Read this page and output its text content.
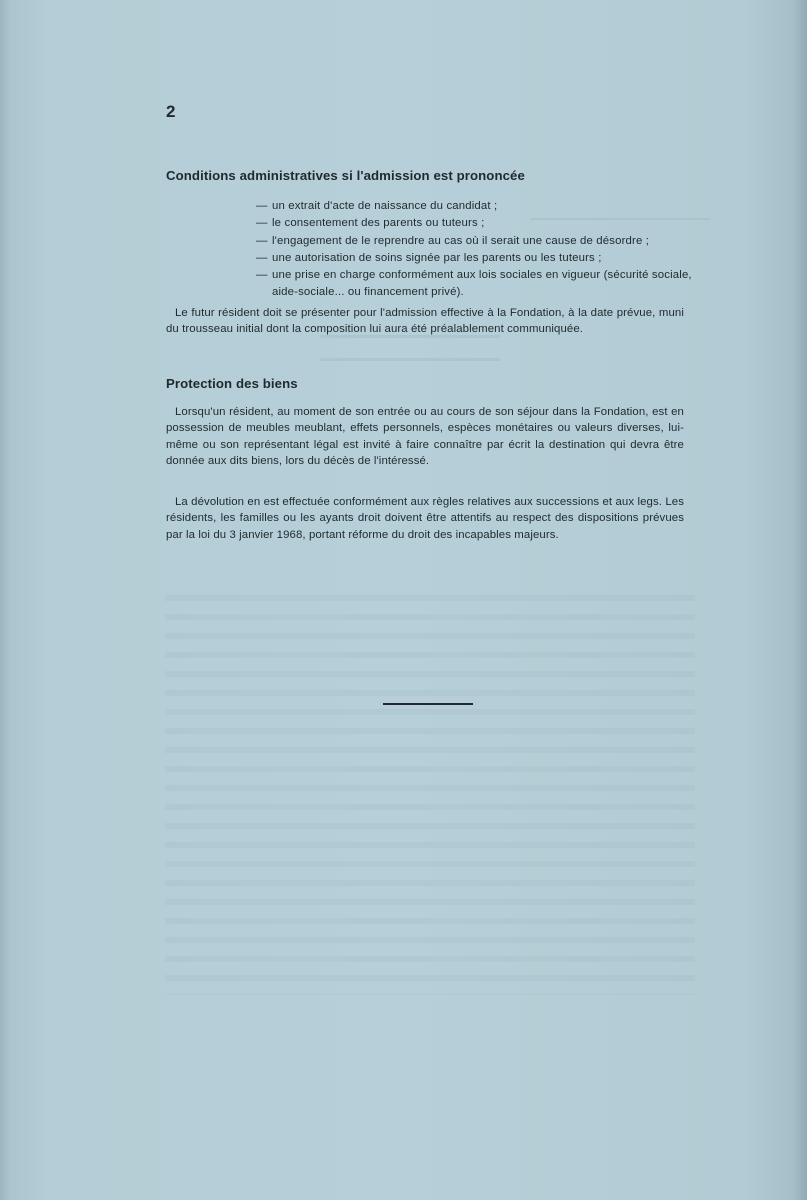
2
Conditions administratives si l'admission est prononcée
— un extrait d'acte de naissance du candidat ;
— le consentement des parents ou tuteurs ;
— l'engagement de le reprendre au cas où il serait une cause de désordre ;
— une autorisation de soins signée par les parents ou les tuteurs ;
— une prise en charge conformément aux lois sociales en vigueur (sécurité sociale, aide-sociale... ou financement privé).

Le futur résident doit se présenter pour l'admission effective à la Fondation, à la date prévue, muni du trousseau initial dont la composition lui aura été préalablement communiquée.

Protection des biens

Lorsqu'un résident, au moment de son entrée ou au cours de son séjour dans la Fondation, est en possession de meubles meublant, effets personnels, espèces monétaires ou valeurs diverses, lui-même ou son représentant légal est invité à faire connaître par écrit la destination qui devra être donnée aux dits biens, lors du décès de l'intéressé.

La dévolution en est effectuée conformément aux règles relatives aux successions et aux legs. Les résidents, les familles ou les ayants droit doivent être attentifs au respect des dispositions prévues par la loi du 3 janvier 1968, portant réforme du droit des incapables majeurs.
